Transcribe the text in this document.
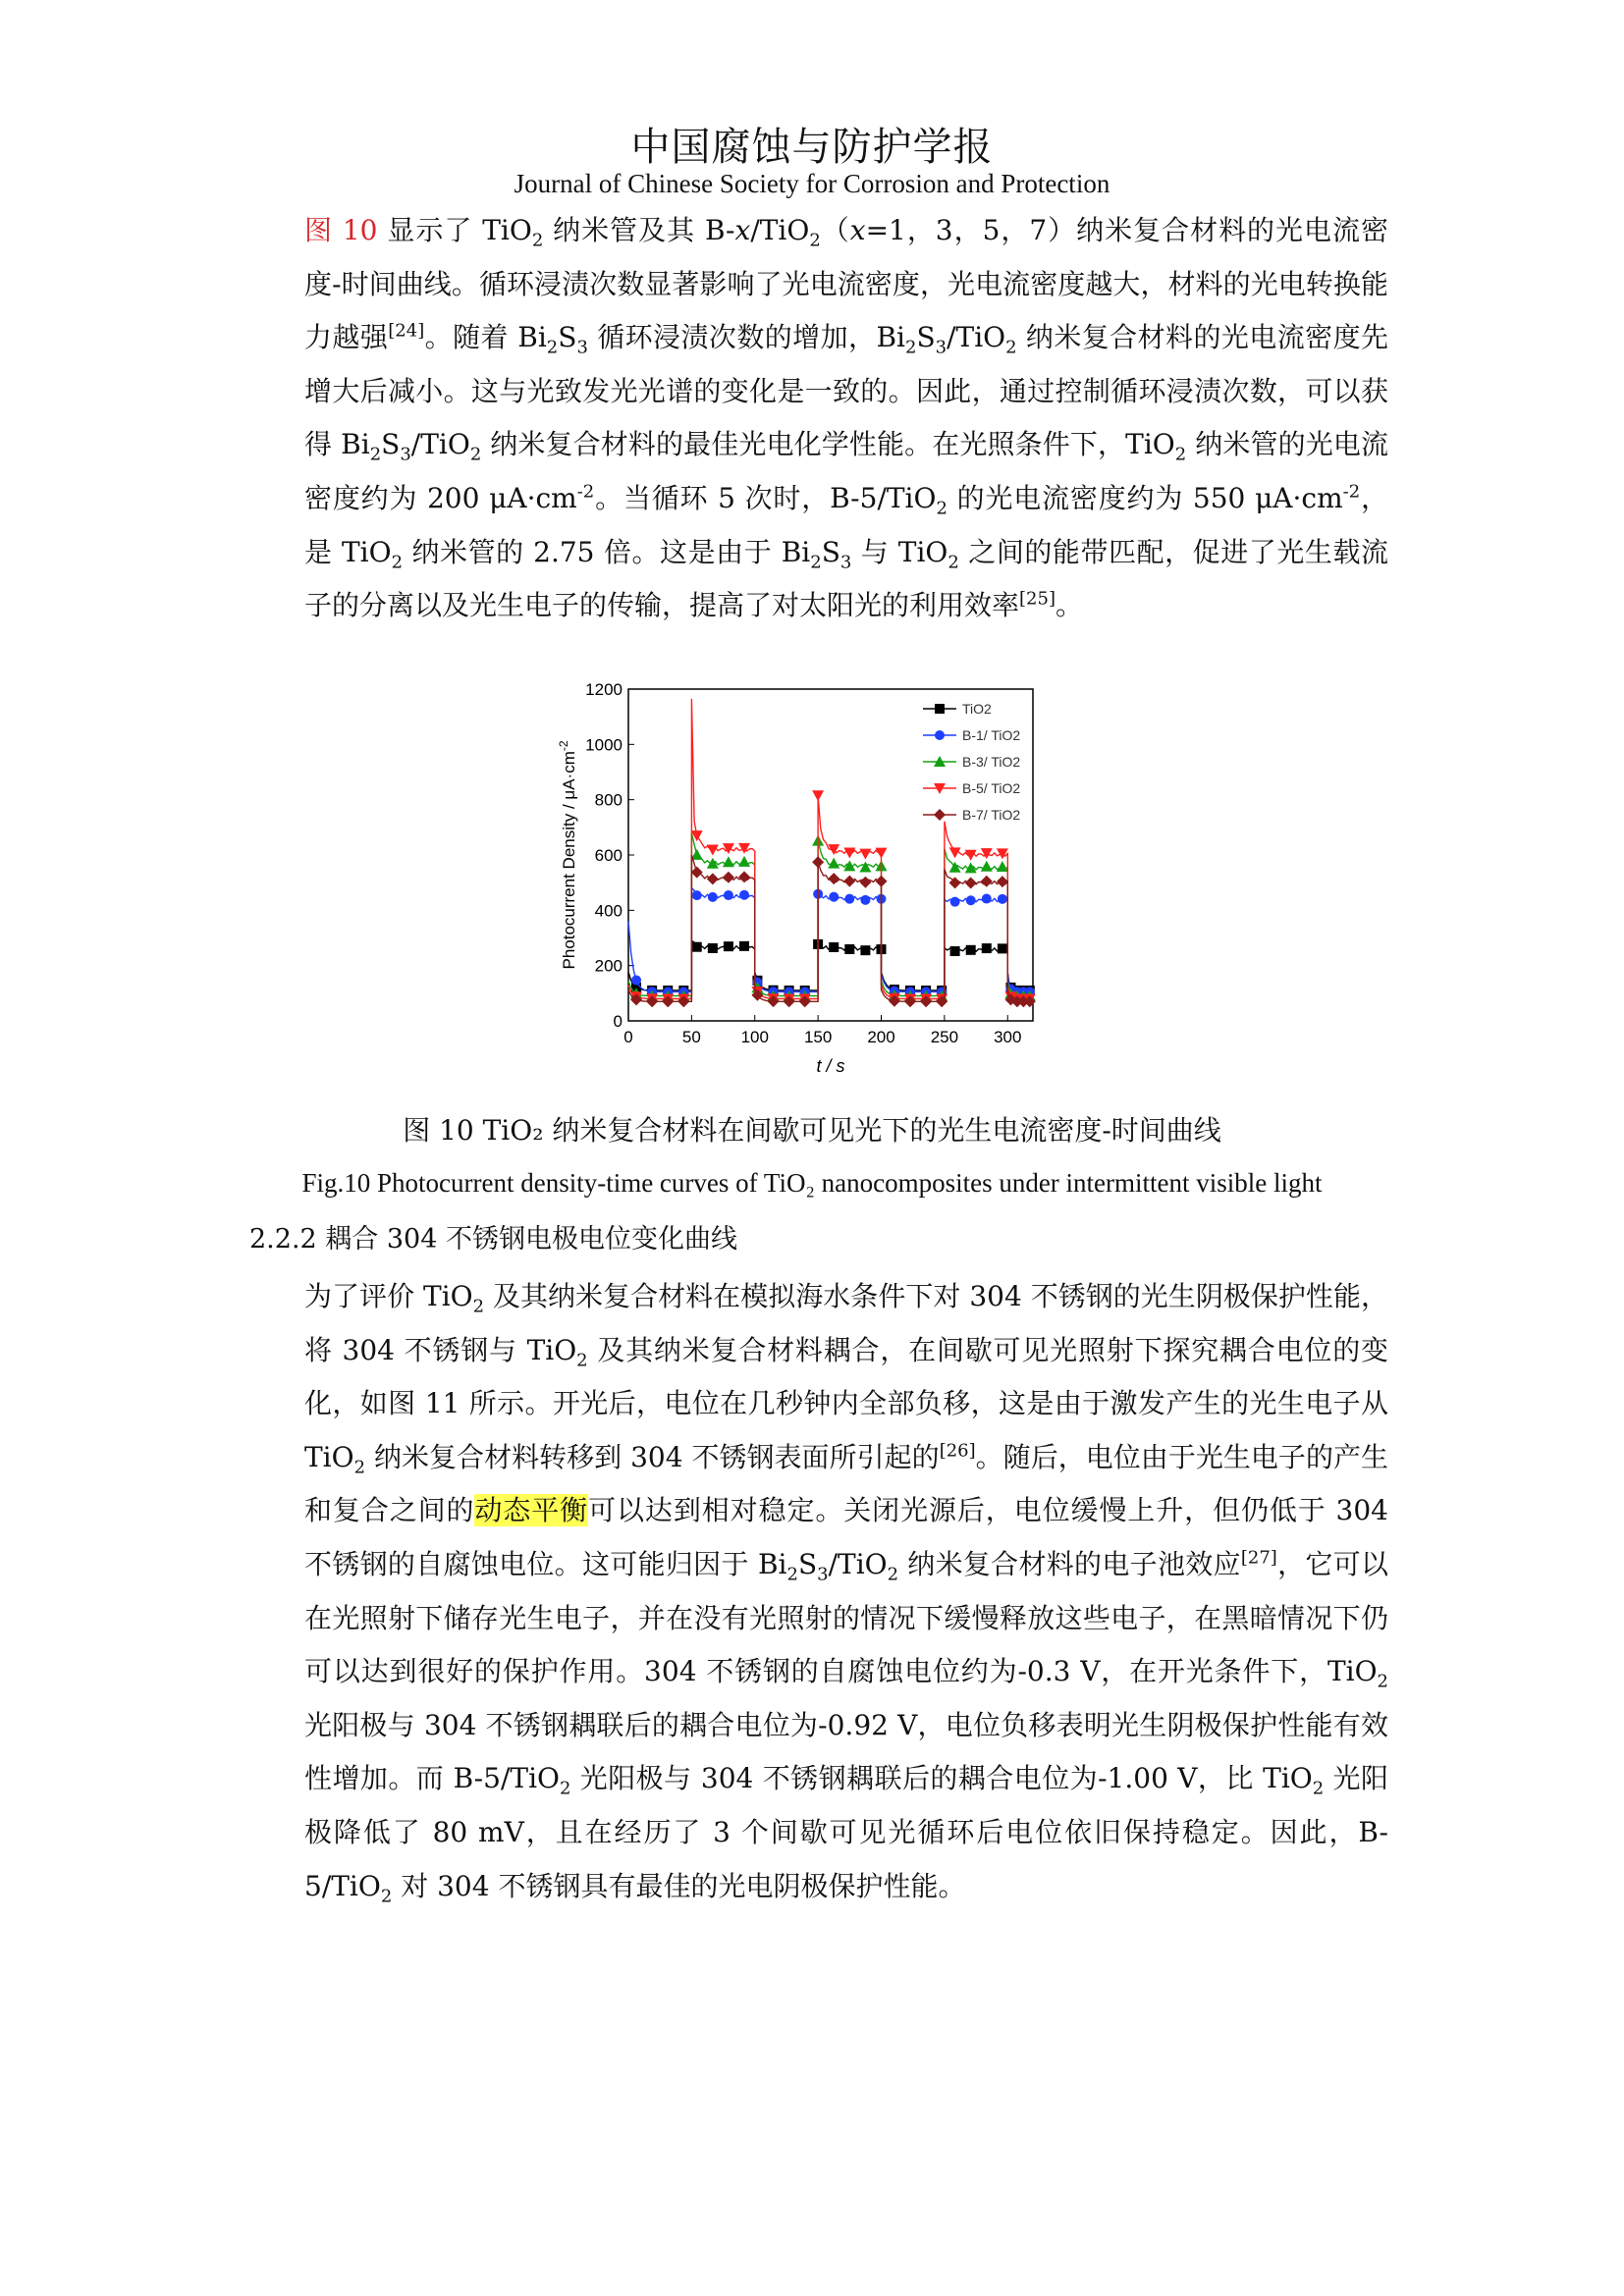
中国腐蚀与防护学报
Journal of Chinese Society for Corrosion and Protection

图 10 显示了 TiO$_2$ 纳米管及其 B-x/TiO$_2$（x=1，3，5，7）纳米复合材料的光电流密度-时间曲线。循环浸渍次数显著影响了光电流密度，光电流密度越大，材料的光电转换能力越强[24]。随着 $Bi_2S_3$ 循环浸渍次数的增加，$Bi_2S_3/TiO_2$ 纳米复合材料的光电流密度先增大后减小。这与光致发光光谱的变化是一致的。因此，通过控制循环浸渍次数，可以获得 $Bi_2S_3/TiO_2$ 纳米复合材料的最佳光电化学性能。在光照条件下，TiO$_2$ 纳米管的光电流密度约为 200 $\mu A\cdot cm^{-2}$。当循环 5 次时，B-5/TiO$_2$ 的光电流密度约为 550 $\mu A\cdot cm^{-2}$，是 TiO$_2$ 纳米管的 2.75 倍。这是由于 $Bi_2S_3$ 与 TiO$_2$ 之间的能带匹配，促进了光生载流子的分离以及光生电子的传输，提高了对太阳光的利用效率[25]。

0	50 100 150 200 250 300
0
200
400
600
800
1000
1200
t / s
Photocurrent Density / $\mu A\cdot cm^{-2}$
TiO2
B-1/ TiO2
B-3/ TiO2
B-5/ TiO2
B-7/ TiO2
图 10 TiO₂ 纳米复合材料在间歇可见光下的光生电流密度-时间曲线
Fig.10 Photocurrent density-time curves of TiO₂ nanocomposites under intermittent visible light
2.2.2 耦合 304 不锈钢电极电位变化曲线

为了评价 TiO$_2$ 及其纳米复合材料在模拟海水条件下对 304 不锈钢的光生阴极保护性能，将 304 不锈钢与 TiO$_2$ 及其纳米复合材料耦合，在间歇可见光照射下探究耦合电位的变化，如图 11 所示。开光后，电位在几秒钟内全部负移，这是由于激发产生的光生电子从 TiO$_2$ 纳米复合材料转移到 304 不锈钢表面所引起的[26]。随后，电位由于光生电子的产生和复合之间的动态平衡可以达到相对稳定。关闭光源后，电位缓慢上升，但仍低于 304 不锈钢的自腐蚀电位。这可能归因于 $Bi_2S_3/TiO_2$ 纳米复合材料的电子池效应[27]，它可以在光照射下储存光生电子，并在没有光照射的情况下缓慢释放这些电子，在黑暗情况下仍可以达到很好的保护作用。304 不锈钢的自腐蚀电位约为-0.3 V，在开光条件下，TiO$_2$ 光阳极与 304 不锈钢耦联后的耦合电位为-0.92 V，电位负移表明光生阴极保护性能有效性增加。而 B-5/TiO$_2$ 光阳极与 304 不锈钢耦联后的耦合电位为-1.00 V，比 TiO$_2$ 光阳极降低了 80 mV，且在经历了 3 个间歇可见光循环后电位依旧保持稳定。因此，B-5/TiO$_2$ 对 304 不锈钢具有最佳的光电阴极保护性能。
